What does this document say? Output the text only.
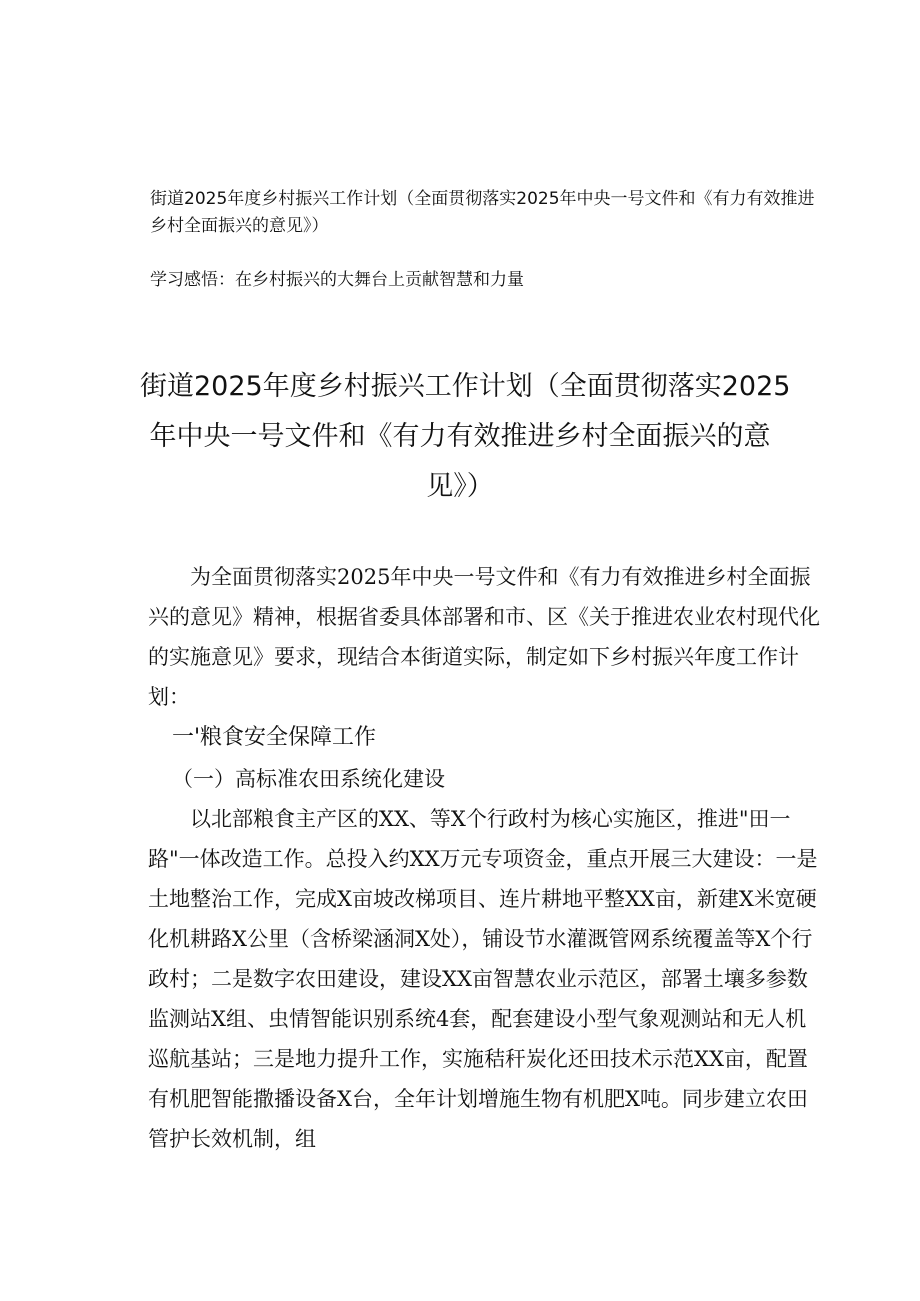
街道2025年度乡村振兴工作计划（全面贯彻落实2025年中央一号文件和《有力有效推进乡村全面振兴的意见》）

学习感悟：在乡村振兴的大舞台上贡献智慧和力量

街道2025年度乡村振兴工作计划（全面贯彻落实2025
年中央一号文件和《有力有效推进乡村全面振兴的意
见》）

为全面贯彻落实2025年中央一号文件和《有力有效推进乡村全面振兴的意见》精神，根据省委具体部署和市、区《关于推进农业农村现代化的实施意见》要求，现结合本街道实际，制定如下乡村振兴年度工作计划：

一'粮食安全保障工作

（一）高标准农田系统化建设

以北部粮食主产区的XX、等X个行政村为核心实施区，推进"田一路"一体改造工作。总投入约XX万元专项资金，重点开展三大建设：一是土地整治工作，完成X亩坡改梯项目、连片耕地平整XX亩，新建X米宽硬化机耕路X公里（含桥梁涵洞X处），铺设节水灌溉管网系统覆盖等X个行政村；二是数字农田建设，建设XX亩智慧农业示范区，部署土壤多参数监测站X组、虫情智能识别系统4套，配套建设小型气象观测站和无人机巡航基站；三是地力提升工作，实施秸秆炭化还田技术示范XX亩，配置有机肥智能撒播设备X台，全年计划增施生物有机肥X吨。同步建立农田管护长效机制，组
